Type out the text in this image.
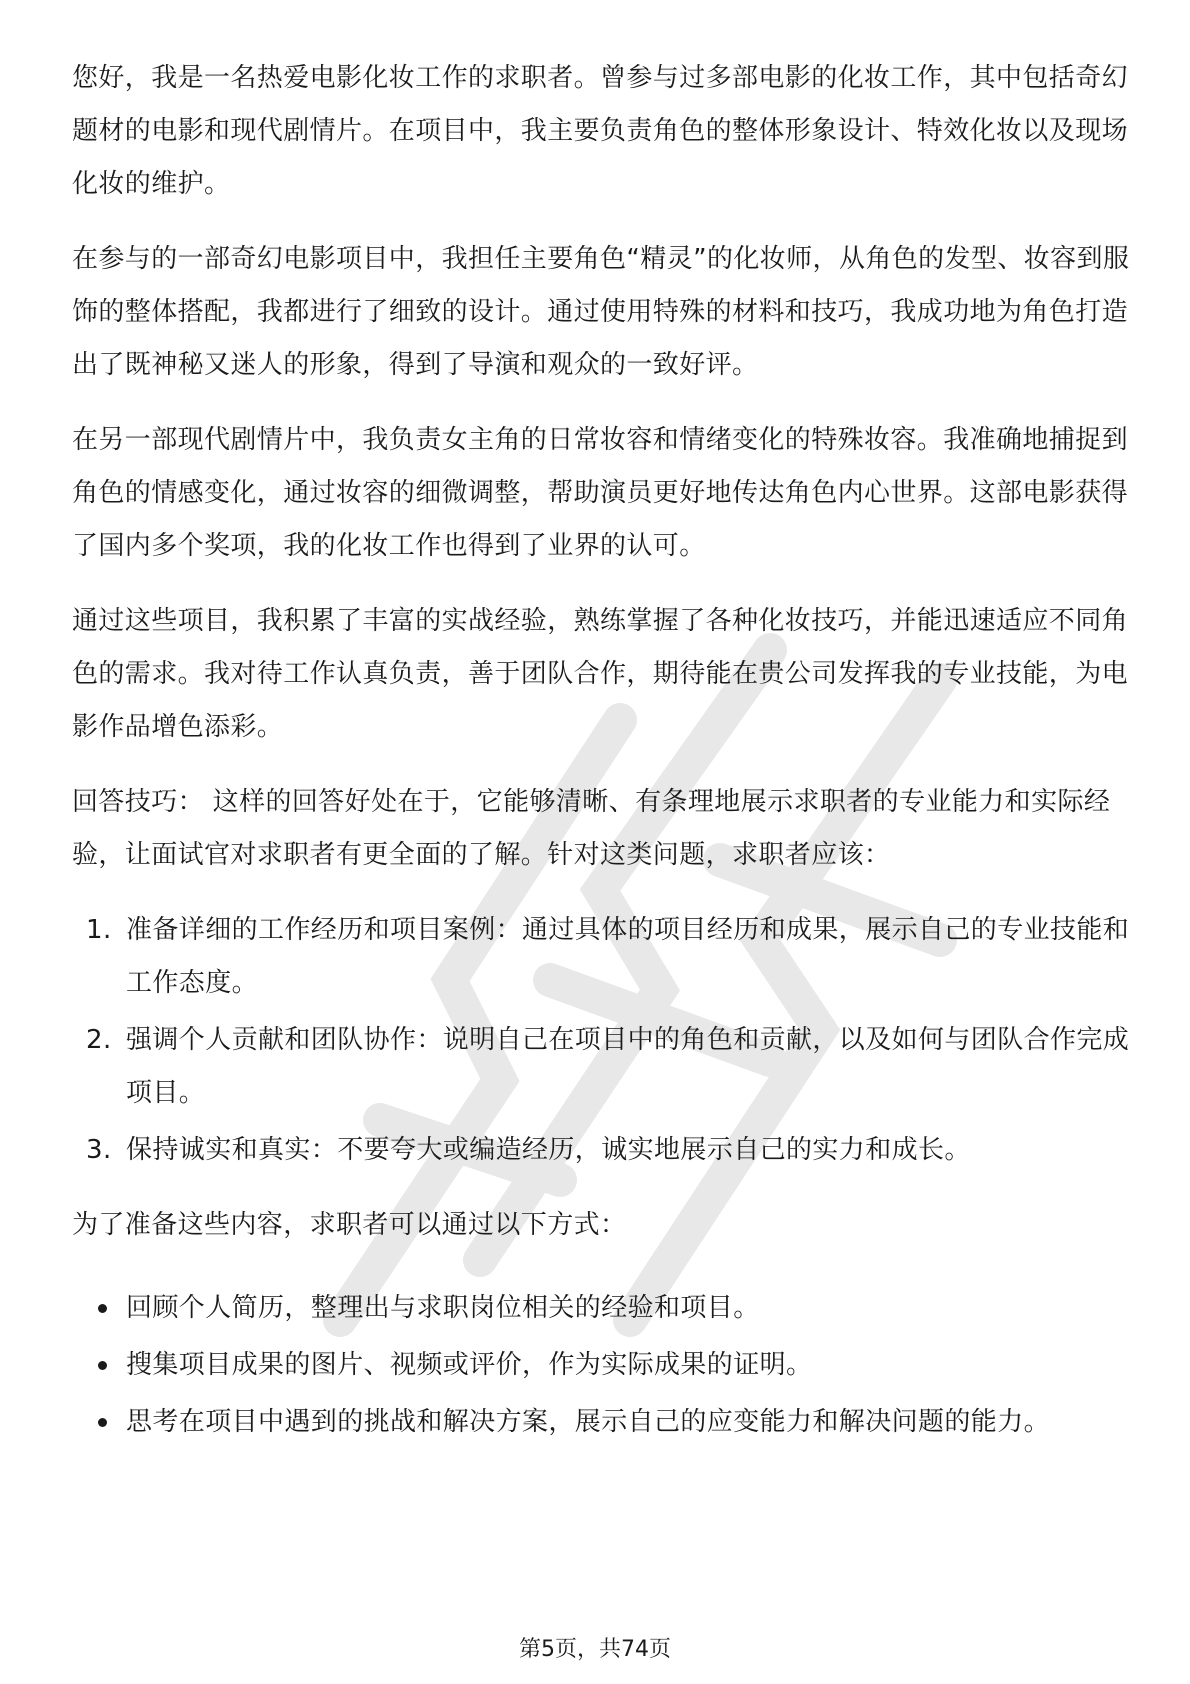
您好，我是一名热爱电影化妆工作的求职者。曾参与过多部电影的化妆工作，其中包括奇幻题材的电影和现代剧情片。在项目中，我主要负责角色的整体形象设计、特效化妆以及现场化妆的维护。

在参与的一部奇幻电影项目中，我担任主要角色“精灵”的化妆师，从角色的发型、妆容到服饰的整体搭配，我都进行了细致的设计。通过使用特殊的材料和技巧，我成功地为角色打造出了既神秘又迷人的形象，得到了导演和观众的一致好评。

在另一部现代剧情片中，我负责女主角的日常妆容和情绪变化的特殊妆容。我准确地捕捉到角色的情感变化，通过妆容的细微调整，帮助演员更好地传达角色内心世界。这部电影获得了国内多个奖项，我的化妆工作也得到了业界的认可。

通过这些项目，我积累了丰富的实战经验，熟练掌握了各种化妆技巧，并能迅速适应不同角色的需求。我对待工作认真负责，善于团队合作，期待能在贵公司发挥我的专业技能，为电影作品增色添彩。

回答技巧： 这样的回答好处在于，它能够清晰、有条理地展示求职者的专业能力和实际经验，让面试官对求职者有更全面的了解。针对这类问题，求职者应该：

1. 准备详细的工作经历和项目案例：通过具体的项目经历和成果，展示自己的专业技能和工作态度。
2. 强调个人贡献和团队协作：说明自己在项目中的角色和贡献，以及如何与团队合作完成项目。
3. 保持诚实和真实：不要夸大或编造经历，诚实地展示自己的实力和成长。

为了准备这些内容，求职者可以通过以下方式：

回顾个人简历，整理出与求职岗位相关的经验和项目。
搜集项目成果的图片、视频或评价，作为实际成果的证明。
思考在项目中遇到的挑战和解决方案，展示自己的应变能力和解决问题的能力。
第5页，共74页
